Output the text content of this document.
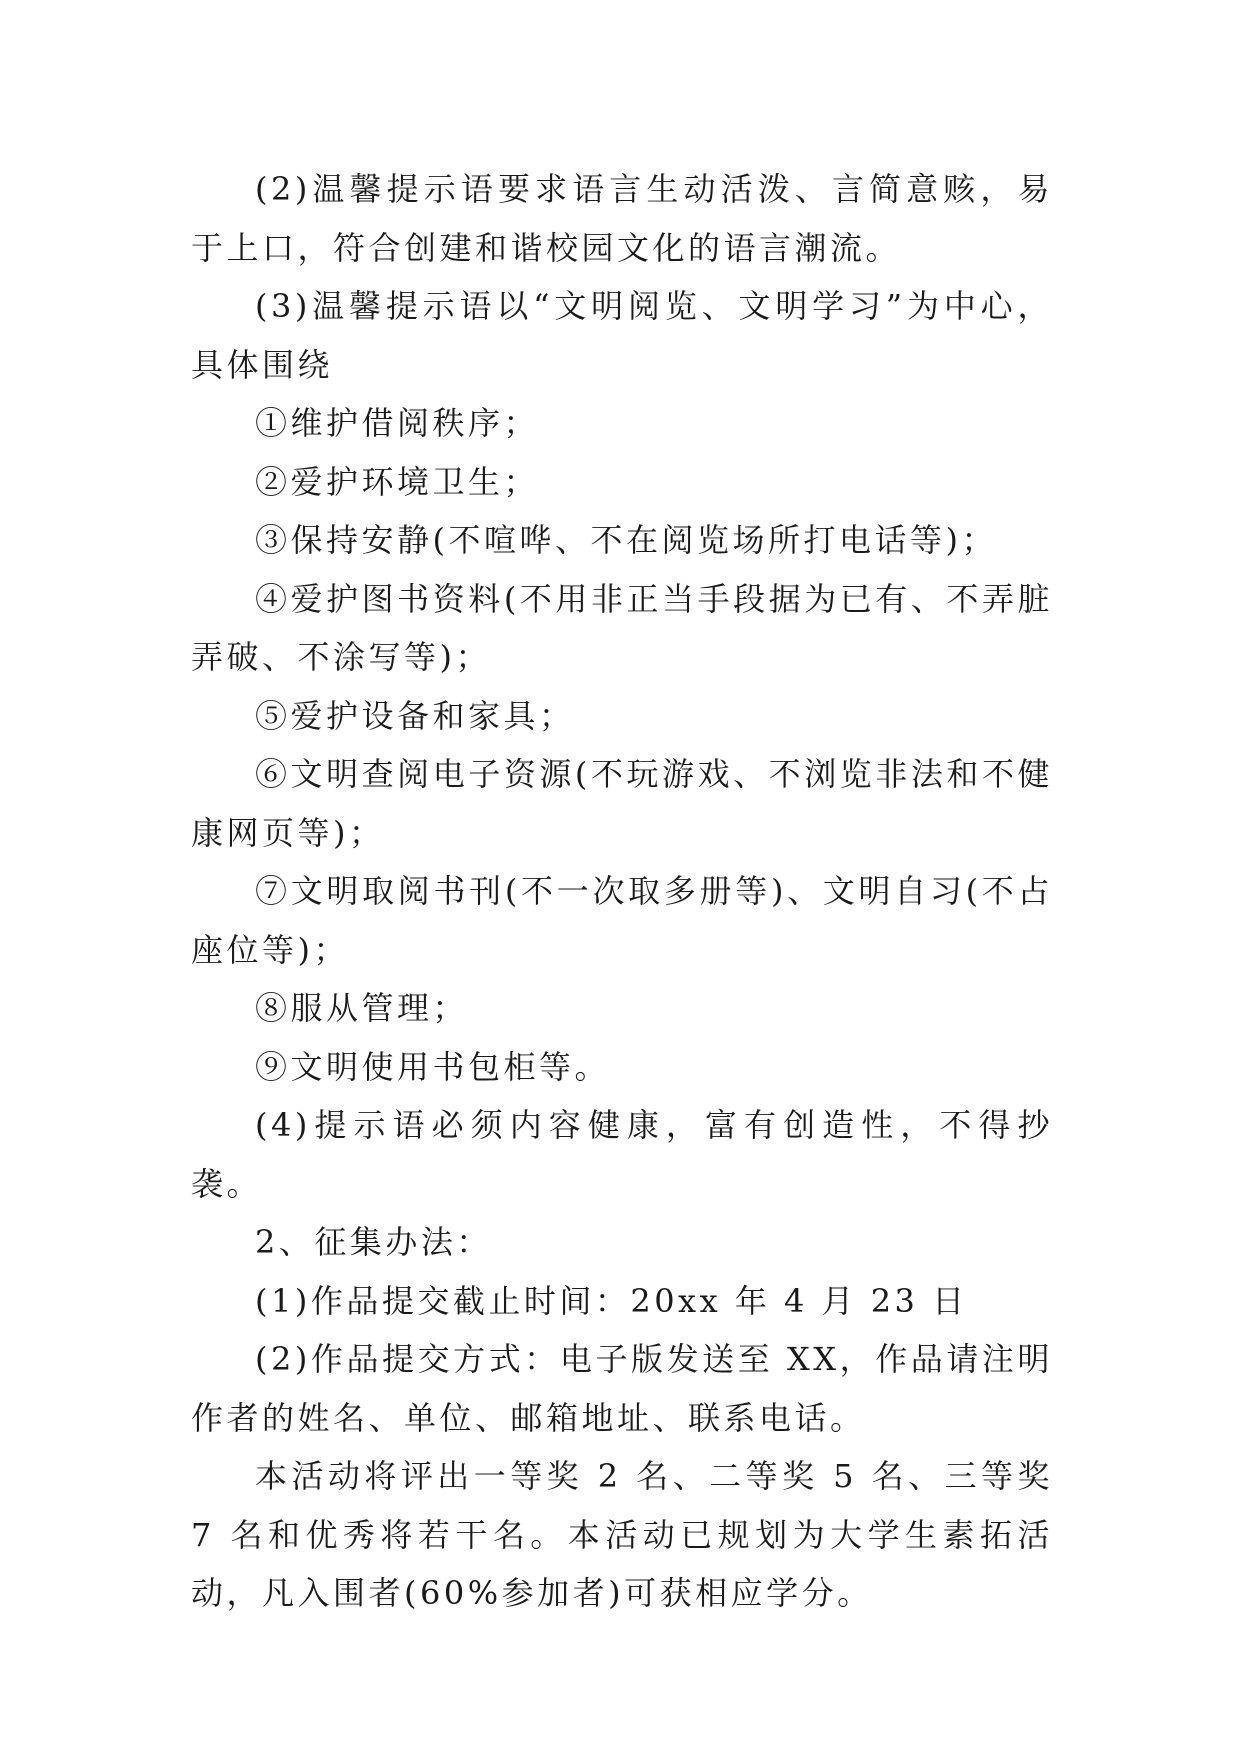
(2)温馨提示语要求语言生动活泼、言简意赅，易于上口，符合创建和谐校园文化的语言潮流。

(3)温馨提示语以“文明阅览、文明学习”为中心，具体围绕

①维护借阅秩序；

②爱护环境卫生；

③保持安静(不喧哗、不在阅览场所打电话等)；

④爱护图书资料(不用非正当手段据为已有、不弄脏弄破、不涂写等)；

⑤爱护设备和家具；

⑥文明查阅电子资源(不玩游戏、不浏览非法和不健康网页等)；

⑦文明取阅书刊(不一次取多册等)、文明自习(不占座位等)；

⑧服从管理；

⑨文明使用书包柜等。

(4)提示语必须内容健康，富有创造性，不得抄袭。

2、征集办法：

(1)作品提交截止时间：20xx 年 4 月 23 日

(2)作品提交方式：电子版发送至 XX，作品请注明作者的姓名、单位、邮箱地址、联系电话。

本活动将评出一等奖 2 名、二等奖 5 名、三等奖 7 名和优秀将若干名。本活动已规划为大学生素拓活动，凡入围者(60%参加者)可获相应学分。
